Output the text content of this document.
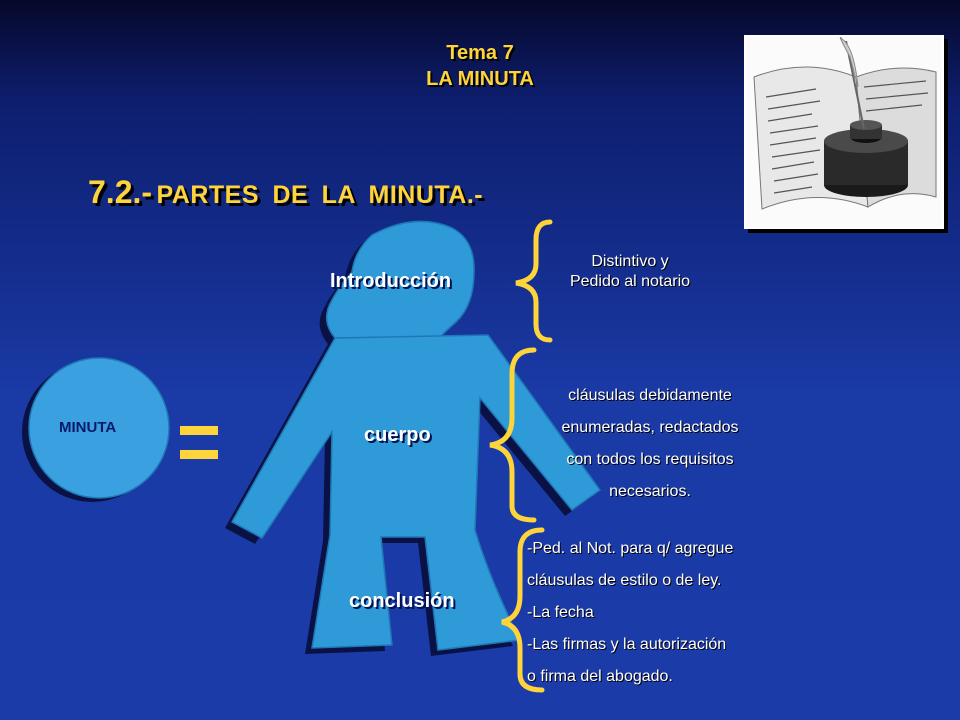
Tema 7
LA MINUTA
7.2.- PARTES DE LA MINUTA.-
MINUTA
Introducción
cuerpo
conclusión
Distintivo y
Pedido al notario
cláusulas debidamente
enumeradas, redactados
con todos los requisitos
necesarios.
-Ped. al Not. para q/ agregue
cláusulas de estilo o de ley.
-La fecha
-Las firmas y la autorización
o firma del abogado.
